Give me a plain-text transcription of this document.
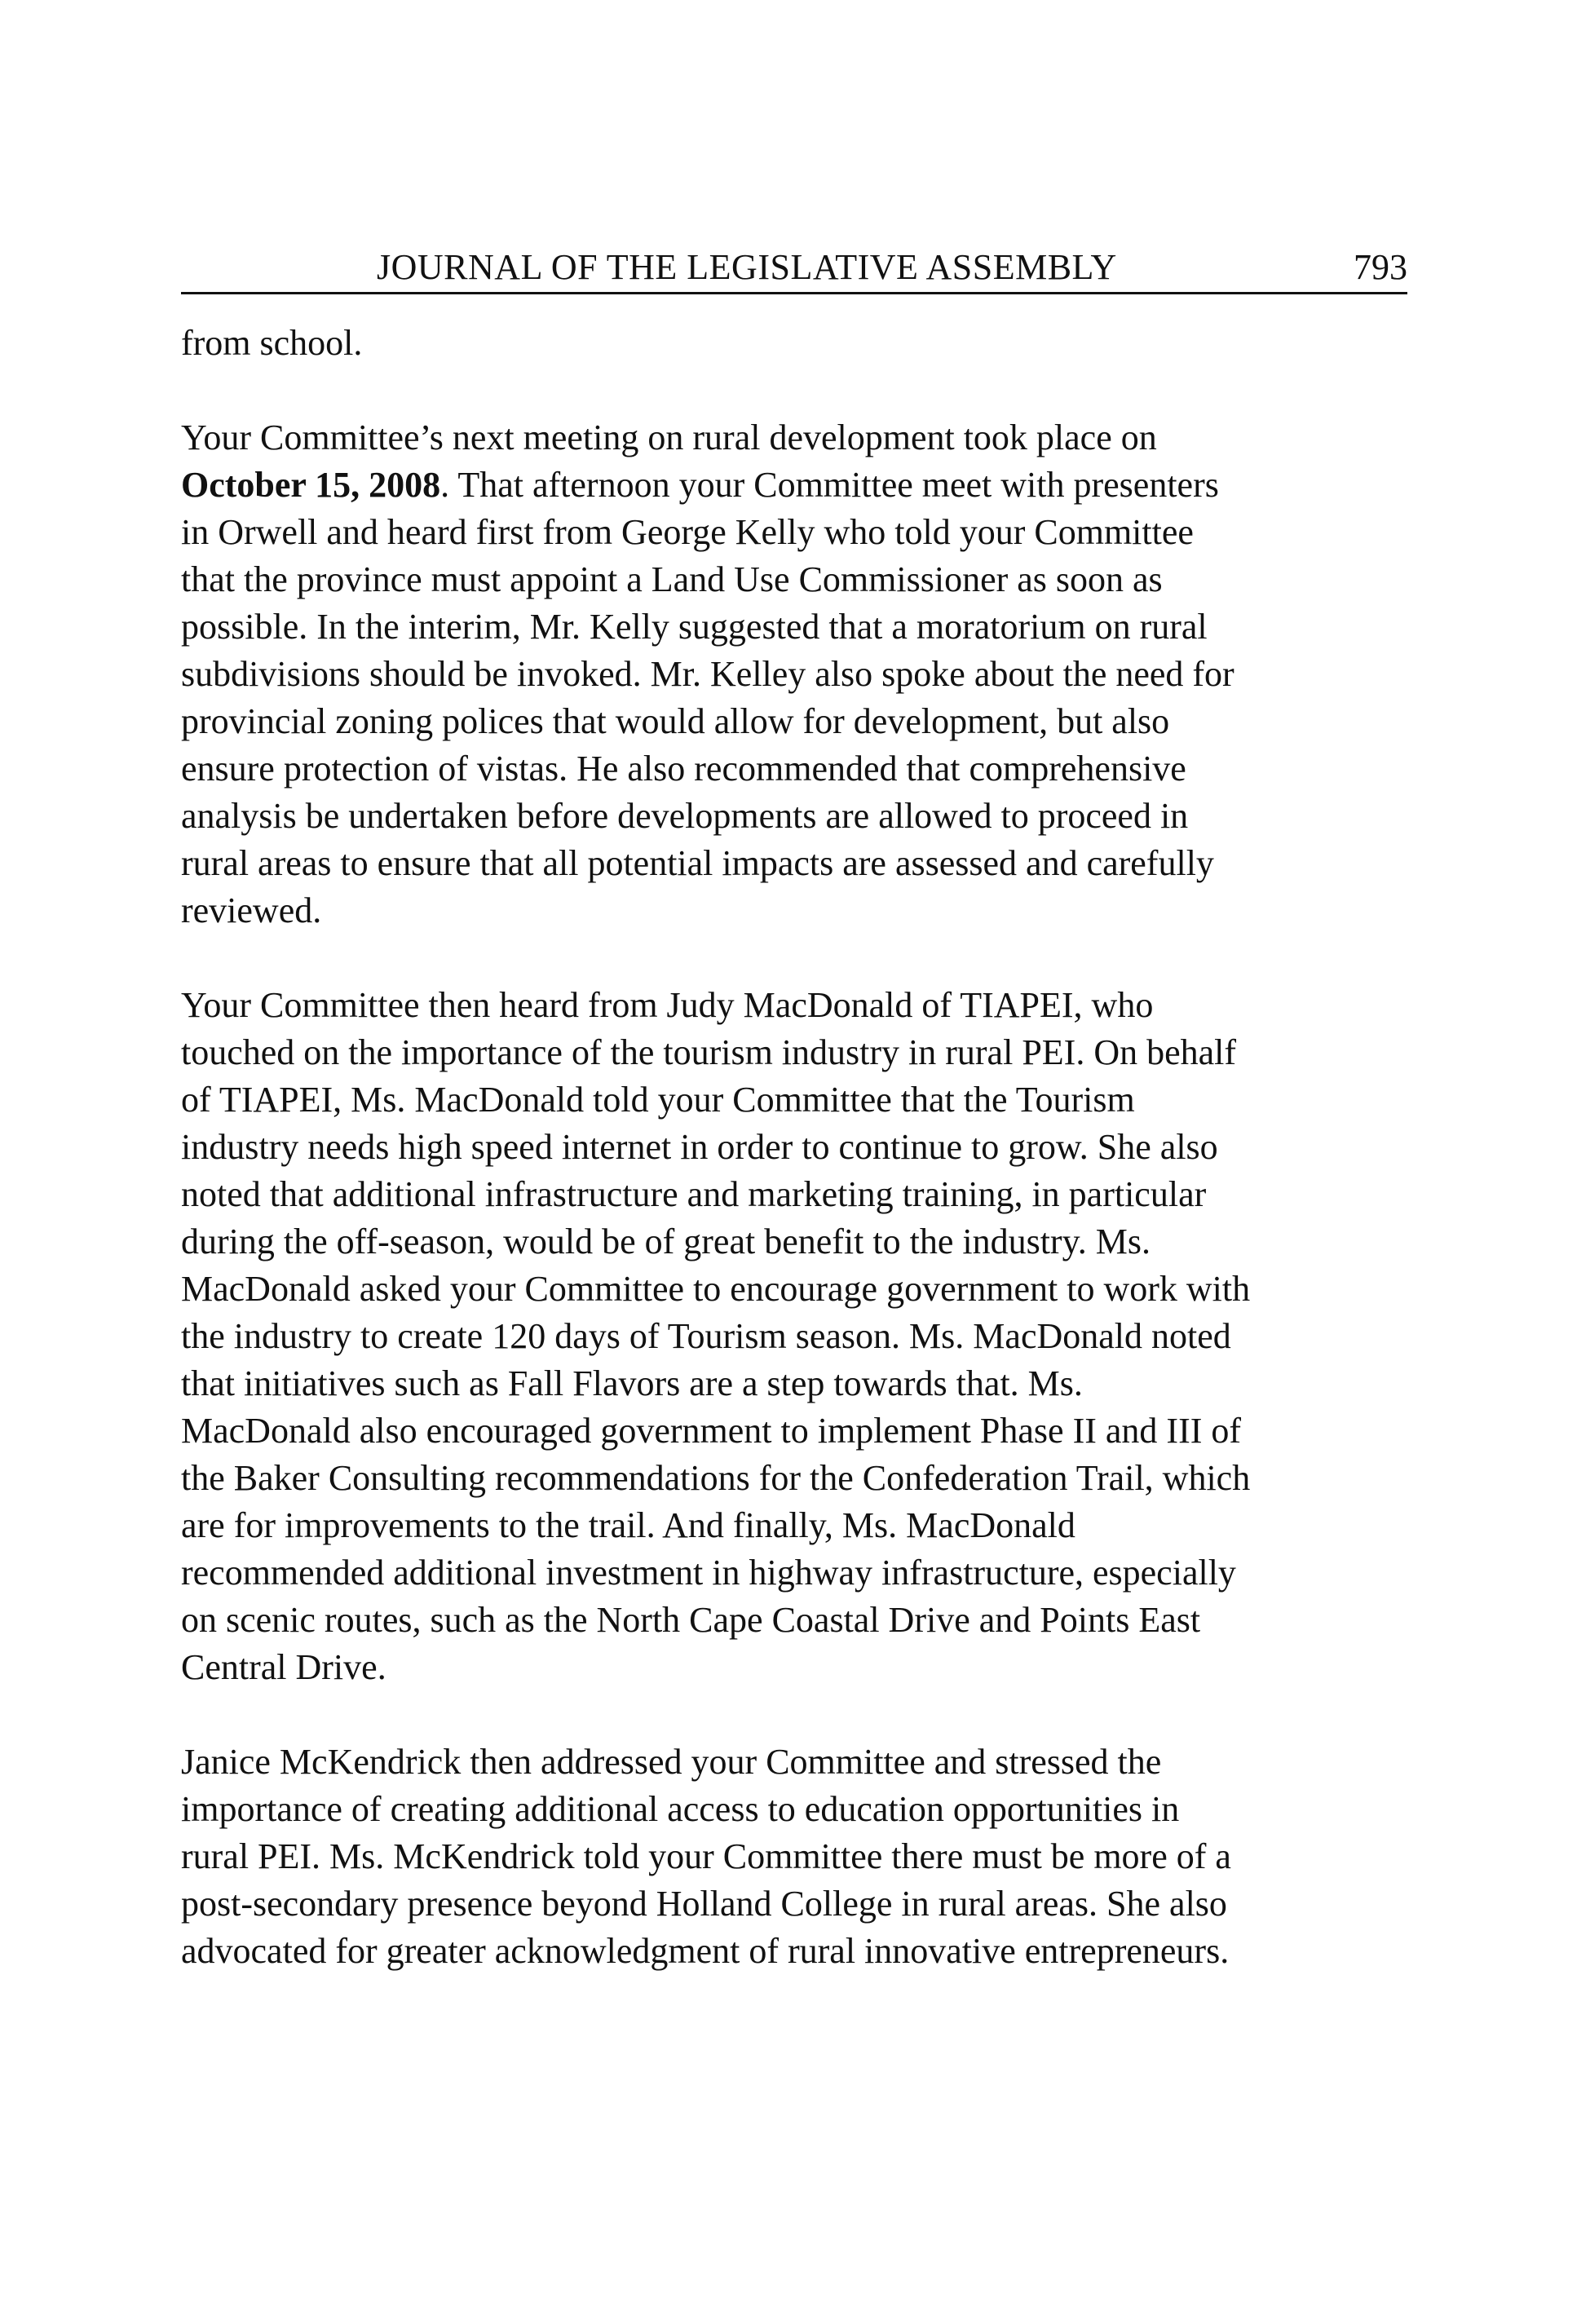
JOURNAL OF THE LEGISLATIVE ASSEMBLY	793
from school.
Your Committee’s next meeting on rural development took place on
October 15, 2008. That afternoon your Committee meet with presenters
in Orwell and heard first from George Kelly who told your Committee
that the province must appoint a Land Use Commissioner as soon as
possible. In the interim, Mr. Kelly suggested that a moratorium on rural
subdivisions should be invoked. Mr. Kelley also spoke about the need for
provincial zoning polices that would allow for development, but also
ensure protection of vistas. He also recommended that comprehensive
analysis be undertaken before developments are allowed to proceed in
rural areas to ensure that all potential impacts are assessed and carefully
reviewed.
Your Committee then heard from Judy MacDonald of TIAPEI, who
touched on the importance of the tourism industry in rural PEI. On behalf
of TIAPEI, Ms. MacDonald told your Committee that the Tourism
industry needs high speed internet in order to continue to grow. She also
noted that additional infrastructure and marketing training, in particular
during the off-season, would be of great benefit to the industry. Ms.
MacDonald asked your Committee to encourage government to work with
the industry to create 120 days of Tourism season. Ms. MacDonald noted
that initiatives such as Fall Flavors are a step towards that. Ms.
MacDonald also encouraged government to implement Phase II and III of
the Baker Consulting recommendations for the Confederation Trail, which
are for improvements to the trail. And finally, Ms. MacDonald
recommended additional investment in highway infrastructure, especially
on scenic routes, such as the North Cape Coastal Drive and Points East
Central Drive.
Janice McKendrick then addressed your Committee and stressed the
importance of creating additional access to education opportunities in
rural PEI. Ms. McKendrick told your Committee there must be more of a
post-secondary presence beyond Holland College in rural areas. She also
advocated for greater acknowledgment of rural innovative entrepreneurs.
